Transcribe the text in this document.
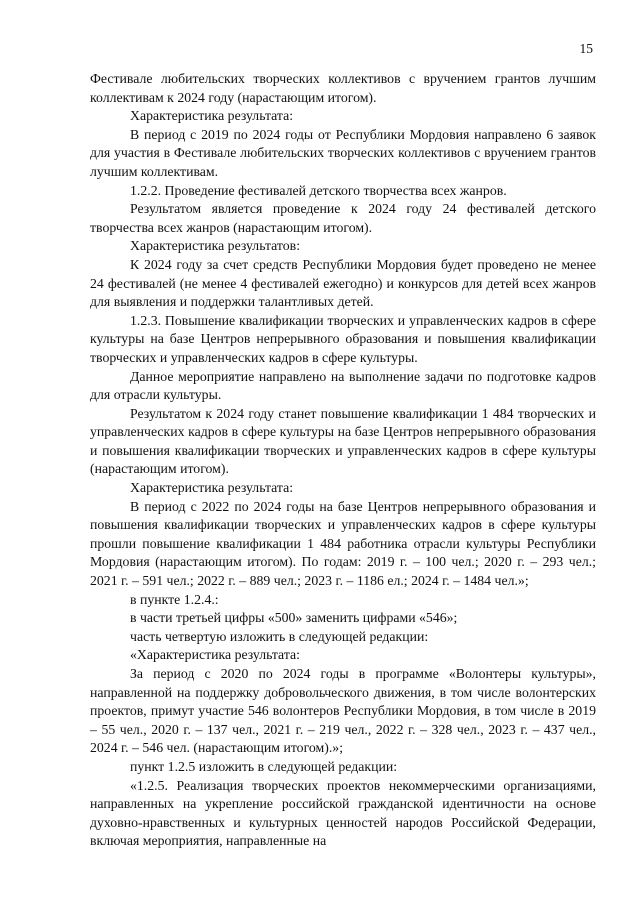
15

Фестивале любительских творческих коллективов с вручением грантов лучшим коллективам к 2024 году (нарастающим итогом).

Характеристика результата:

В период с 2019 по 2024 годы от Республики Мордовия направлено 6 заявок для участия в Фестивале любительских творческих коллективов с вручением грантов лучшим коллективам.

1.2.2. Проведение фестивалей детского творчества всех жанров.

Результатом является проведение к 2024 году 24 фестивалей детского творчества всех жанров (нарастающим итогом).

Характеристика результатов:

К 2024 году за счет средств Республики Мордовия будет проведено не менее 24 фестивалей (не менее 4 фестивалей ежегодно) и конкурсов для детей всех жанров для выявления и поддержки талантливых детей.

1.2.3. Повышение квалификации творческих и управленческих кадров в сфере культуры на базе Центров непрерывного образования и повышения квалификации творческих и управленческих кадров в сфере культуры.

Данное мероприятие направлено на выполнение задачи по подготовке кадров для отрасли культуры.

Результатом к 2024 году станет повышение квалификации 1 484 творческих и управленческих кадров в сфере культуры на базе Центров непрерывного образования и повышения квалификации творческих и управленческих кадров в сфере культуры (нарастающим итогом).

Характеристика результата:

В период с 2022 по 2024 годы на базе Центров непрерывного образования и повышения квалификации творческих и управленческих кадров в сфере культуры прошли повышение квалификации 1 484 работника отрасли культуры Республики Мордовия (нарастающим итогом). По годам: 2019 г. – 100 чел.; 2020 г. – 293 чел.; 2021 г. – 591 чел.; 2022 г. – 889 чел.; 2023 г. – 1186 ел.; 2024 г. – 1484 чел.»;

в пункте 1.2.4.:

в части третьей цифры «500» заменить цифрами «546»;

часть четвертую изложить в следующей редакции:

«Характеристика результата:

За период с 2020 по 2024 годы в программе «Волонтеры культуры», направленной на поддержку добровольческого движения, в том числе волонтерских проектов, примут участие 546 волонтеров Республики Мордовия, в том числе в 2019 – 55 чел., 2020 г. – 137 чел., 2021 г. – 219 чел., 2022 г. – 328 чел., 2023 г. – 437 чел., 2024 г. – 546 чел. (нарастающим итогом).»;

пункт 1.2.5 изложить в следующей редакции:

«1.2.5. Реализация творческих проектов некоммерческими организациями, направленных на укрепление российской гражданской идентичности на основе духовно-нравственных и культурных ценностей народов Российской Федерации, включая мероприятия, направленные на
